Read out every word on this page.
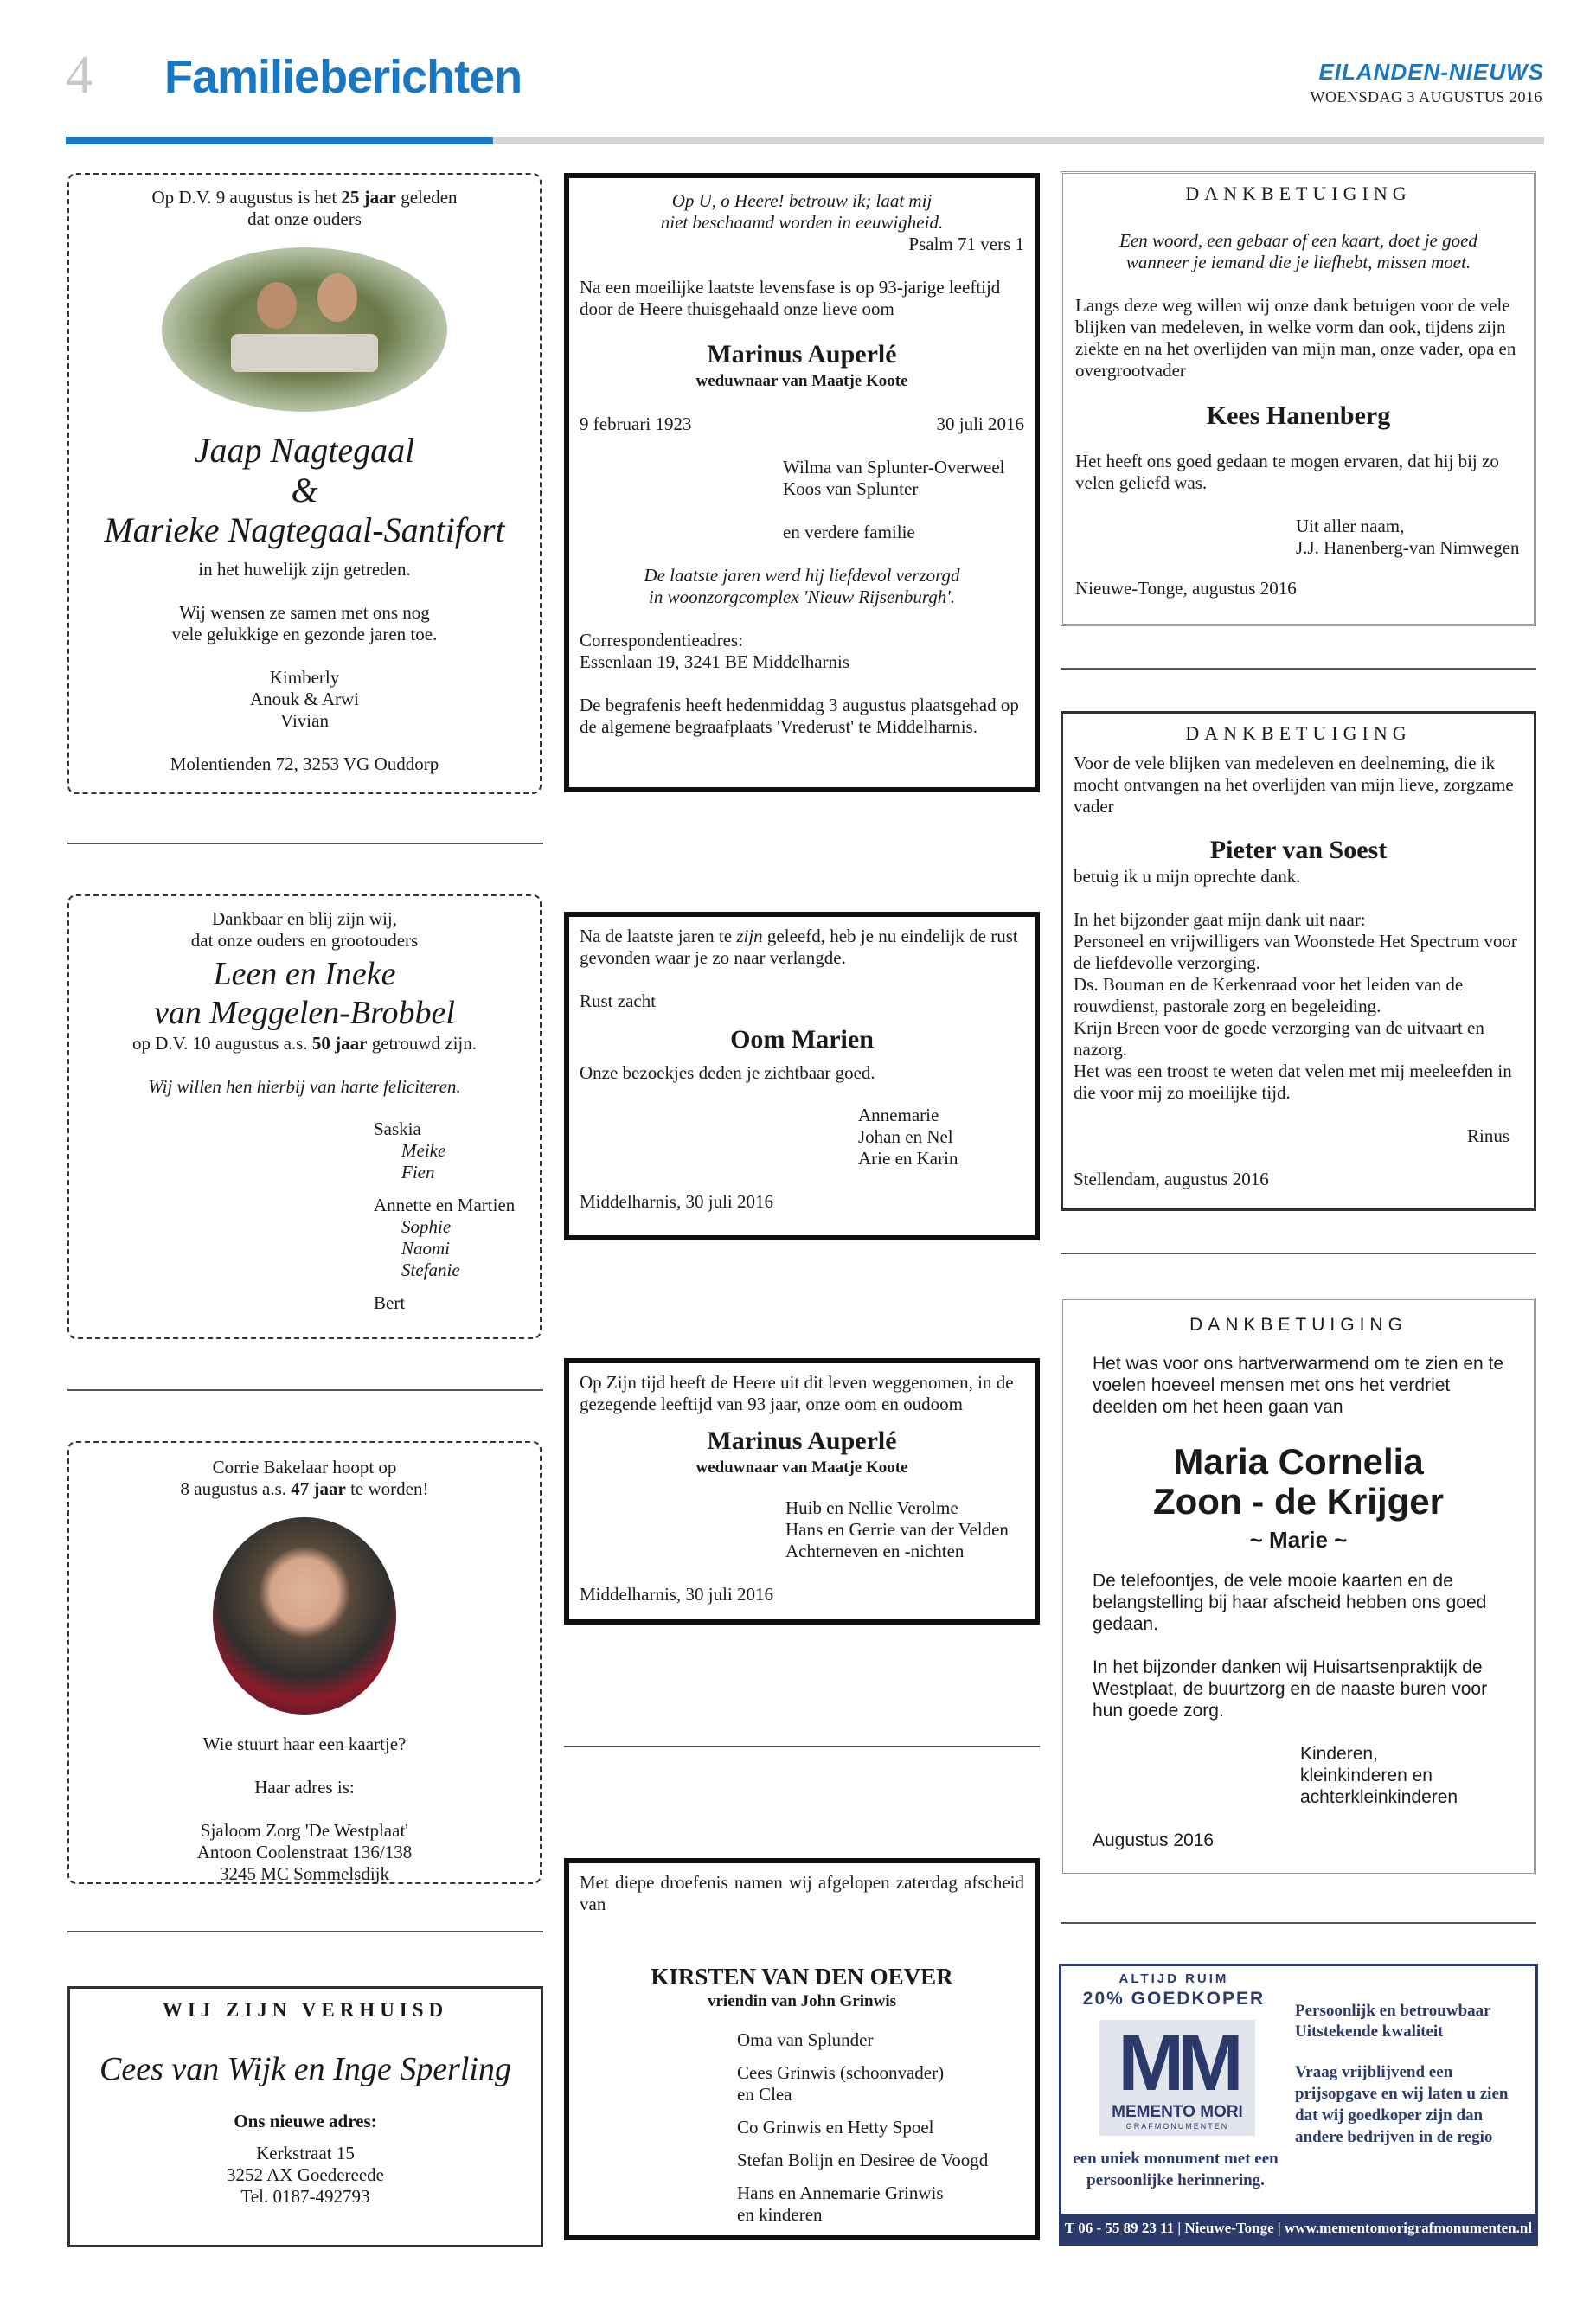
4 Familieberichten	EILANDEN-NIEUWS
WOENSDAG 3 AUGUSTUS 2016

Op D.V. 9 augustus is het 25 jaar geleden

dat onze ouders

Jaap Nagtegaal

&

Marieke Nagtegaal-Santifort

in het huwelijk zijn getreden.

Wij wensen ze samen met ons nog

vele gelukkige en gezonde jaren toe.

Kimberly

Anouk & Arwi

Vivian

Molentienden 72, 3253 VG Ouddorp

Op U, o Heere! betrouw ik; laat mij

niet beschaamd worden in eeuwigheid.

Psalm 71 vers 1

Na een moeilijke laatste levensfase is op 93-jarige leeftijd door de Heere thuisgehaald onze lieve oom

Marinus Auperlé

weduwnaar van Maatje Koote

9 februari 1923	30 juli 2016

Wilma van Splunter-Overweel

Koos van Splunter

en verdere familie

De laatste jaren werd hij liefdevol verzorgd

in woonzorgcomplex 'Nieuw Rijsenburgh'.

Correspondentieadres:

Essenlaan 19, 3241 BE Middelharnis

De begrafenis heeft hedenmiddag 3 augustus plaatsgehad op de algemene begraafplaats 'Vrederust' te Middelharnis.

DANKBETUIGING

Een woord, een gebaar of een kaart, doet je goed

wanneer je iemand die je liefhebt, missen moet.

Langs deze weg willen wij onze dank betuigen voor de vele blijken van medeleven, in welke vorm dan ook, tijdens zijn ziekte en na het overlijden van mijn man, onze vader, opa en overgrootvader

Kees Hanenberg

Het heeft ons goed gedaan te mogen ervaren, dat hij bij zo velen geliefd was.

Uit aller naam,

J.J. Hanenberg-van Nimwegen

Nieuwe-Tonge, augustus 2016

DANKBETUIGING

Voor de vele blijken van medeleven en deelneming, die ik mocht ontvangen na het overlijden van mijn lieve, zorgzame vader

Pieter van Soest

betuig ik u mijn oprechte dank.

In het bijzonder gaat mijn dank uit naar:

Personeel en vrijwilligers van Woonstede Het Spectrum voor de liefdevolle verzorging.

Ds. Bouman en de Kerkenraad voor het leiden van de rouwdienst, pastorale zorg en begeleiding.

Krijn Breen voor de goede verzorging van de uitvaart en nazorg.

Het was een troost te weten dat velen met mij meeleefden in die voor mij zo moeilijke tijd.

Rinus

Stellendam, augustus 2016

Dankbaar en blij zijn wij,

dat onze ouders en grootouders

Leen en Ineke

van Meggelen-Brobbel

op D.V. 10 augustus a.s. 50 jaar getrouwd zijn.

Wij willen hen hierbij van harte feliciteren.

Saskia

Meike

Fien

Annette en Martien

Sophie

Naomi

Stefanie

Bert

Na de laatste jaren te zijn geleefd, heb je nu eindelijk de rust gevonden waar je zo naar verlangde.

Rust zacht

Oom Marien

Onze bezoekjes deden je zichtbaar goed.

Annemarie

Johan en Nel

Arie en Karin

Middelharnis, 30 juli 2016

DANKBETUIGING

Het was voor ons hartverwarmend om te zien en te voelen hoeveel mensen met ons het verdriet deelden om het heen gaan van

Maria Cornelia

Zoon - de Krijger

~ Marie ~

De telefoontjes, de vele mooie kaarten en de belangstelling bij haar afscheid hebben ons goed gedaan.

In het bijzonder danken wij Huisartsenpraktijk de Westplaat, de buurtzorg en de naaste buren voor hun goede zorg.

Kinderen,

kleinkinderen en

achterkleinkinderen

Augustus 2016

Corrie Bakelaar hoopt op

8 augustus a.s. 47 jaar te worden!

Wie stuurt haar een kaartje?

Haar adres is:

Sjaloom Zorg 'De Westplaat'

Antoon Coolenstraat 136/138

3245 MC Sommelsdijk

Op Zijn tijd heeft de Heere uit dit leven weggenomen, in de gezegende leeftijd van 93 jaar, onze oom en oudoom

Marinus Auperlé

weduwnaar van Maatje Koote

Huib en Nellie Verolme

Hans en Gerrie van der Velden

Achterneven en -nichten

Middelharnis, 30 juli 2016

Met diepe droefenis namen wij afgelopen zaterdag afscheid van

KIRSTEN VAN DEN OEVER

vriendin van John Grinwis

Oma van Splunder

Cees Grinwis (schoonvader)

en Clea

Co Grinwis en Hetty Spoel

Stefan Bolijn en Desiree de Voogd

Hans en Annemarie Grinwis

en kinderen

WIJ ZIJN VERHUISD

Cees van Wijk en Inge Sperling

Ons nieuwe adres:

Kerkstraat 15

3252 AX Goedereede

Tel. 0187-492793

ALTIJD RUIM
20% GOEDKOPER
MM
MEMENTO MORI
GRAFMONUMENTEN
een uniek monument met een
persoonlijke herinnering.
Persoonlijk en betrouwbaar
Uitstekende kwaliteit
Vraag vrijblijvend een prijsopgave en wij laten u zien dat wij goedkoper zijn dan andere bedrijven in de regio
T 06 - 55 89 23 11 | Nieuwe-Tonge | www.mementomorigrafmonumenten.nl
